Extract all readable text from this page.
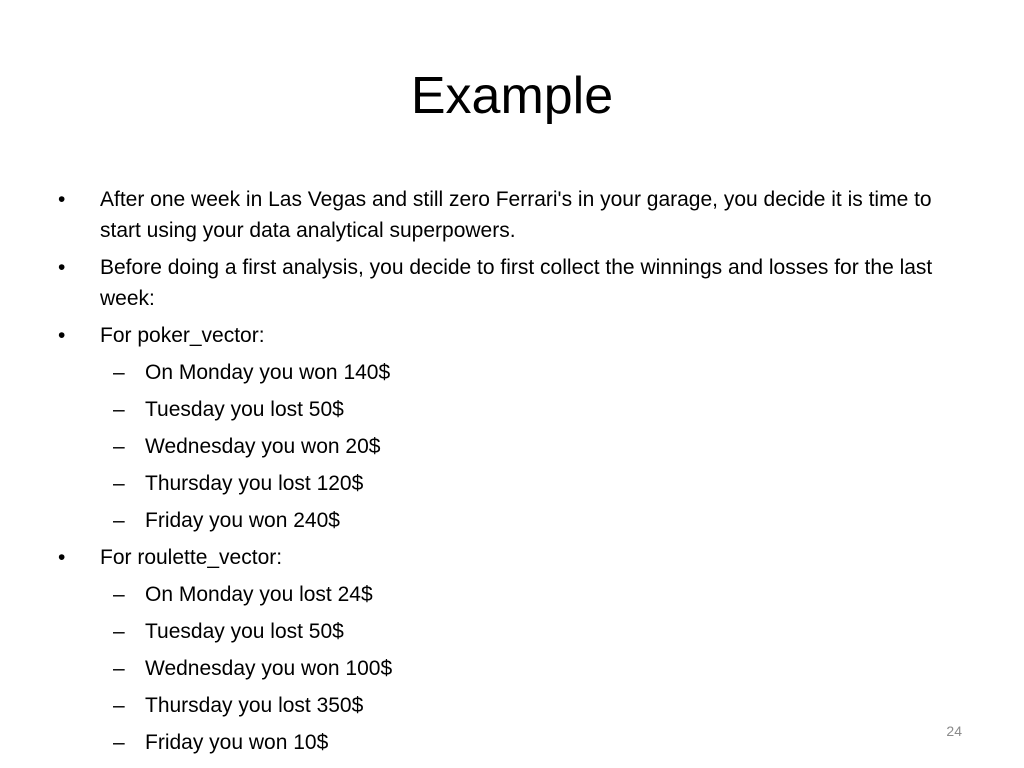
Example
• After one week in Las Vegas and still zero Ferrari's in your garage, you decide it is time to start using your data analytical superpowers.
• Before doing a first analysis, you decide to first collect the winnings and losses for the last week:
• For poker_vector:
– On Monday you won 140$
– Tuesday you lost 50$
– Wednesday you won 20$
– Thursday you lost 120$
– Friday you won 240$
• For roulette_vector:
– On Monday you lost 24$
– Tuesday you lost 50$
– Wednesday you won 100$
– Thursday you lost 350$
– Friday you won 10$	24
